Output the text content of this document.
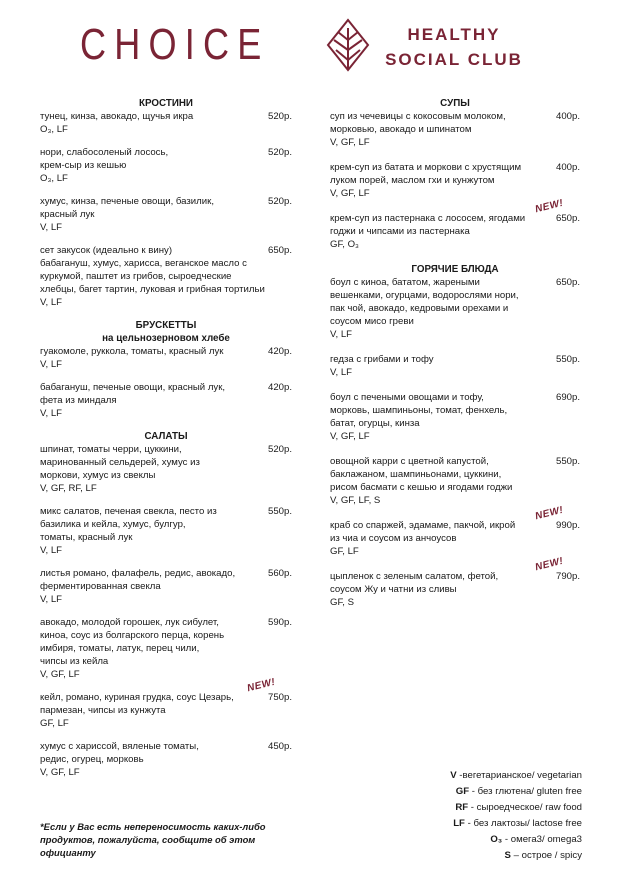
CHOICE	HEALTHY
SOCIAL CLUB
КРОСТИНИ
тунец, кинза, авокадо, щучья икра	520р.
О₃, LF
нори, слабосоленый лосось,
крем-сыр из кешью
520р.
О₃, LF
хумус, кинза, печеные овощи, базилик,
красный лук
520р.
V, LF
сет закусок (идеально к вину)
бабагануш, хумус, харисса, веганское масло с
куркумой, паштет из грибов, сыроедческие
хлебцы, багет тартин, луковая и грибная тортильи
650р.
V, LF
БРУСКЕТТЫ
на цельнозерновом хлебе
гуакомоле, руккола, томаты, красный лук	420р.
V, LF
бабагануш, печеные овощи, красный лук,
фета из миндаля
420р.
V, LF
САЛАТЫ
шпинат, томаты черри, цуккини,
маринованный сельдерей, хумус из
моркови, хумус из свеклы
520р.
V, GF, RF, LF
микс салатов, печеная свекла, песто из
базилика и кейла, хумус, булгур,
томаты, красный лук
550р.
V, LF
листья романо, фалафель, редис, авокадо,
ферментированная свекла
560р.
V, LF
авокадо, молодой горошек, лук сибулет,
киноа, соус из болгарского перца, корень
имбиря, томаты, латук, перец чили,
чипсы из кейла
590р.
V, GF, LF
кейл, романо, куриная грудка, соус Цезарь,
пармезан, чипсы из кунжута
750р.
GF, LF
NEW!
хумус с хариссой, вяленые томаты,
редис, огурец, морковь
450р.
V, GF, LF
СУПЫ
суп из чечевицы с кокосовым молоком,
морковью, авокадо и шпинатом
400р.
V, GF, LF
крем-суп из батата и моркови с хрустящим
луком порей, маслом гхи и кунжутом
400р.
V, GF, LF
крем-суп из пастернака с лососем, ягодами
годжи и чипсами из пастернака
650р.
GF, О₃
NEW!
ГОРЯЧИЕ БЛЮДА
боул с киноа, бататом, жареными
вешенками, огурцами, водорослями нори,
пак чой, авокадо, кедровыми орехами и
соусом мисо греви
650р.
V, LF
гедза с грибами и тофу	550р.
V, LF
боул с печеными овощами и тофу,
морковь, шампиньоны, томат, фенхель,
батат, огурцы, кинза
690р.
V, GF, LF
овощной карри с цветной капустой,
баклажаном, шампиньонами, цуккини,
рисом басмати с кешью и ягодами годжи
550р.
V, GF, LF, S
краб со спаржей, эдамаме, пакчой, икрой
из чиа и соусом из анчоусов
990р.
GF, LF
NEW!
цыпленок с зеленым салатом, фетой,
соусом Жу и чатни из сливы
790р.
GF, S
NEW!
V -вегетарианское/ vegetarian
GF - без глютена/ gluten free
RF - сыроедческое/ raw food
LF - без лактозы/ lactose free
О₃ - омега3/ omega3
S – острое / spicy
*Если у Вас есть непереносимость каких-либо продуктов, пожалуйста, сообщите об этом официанту
